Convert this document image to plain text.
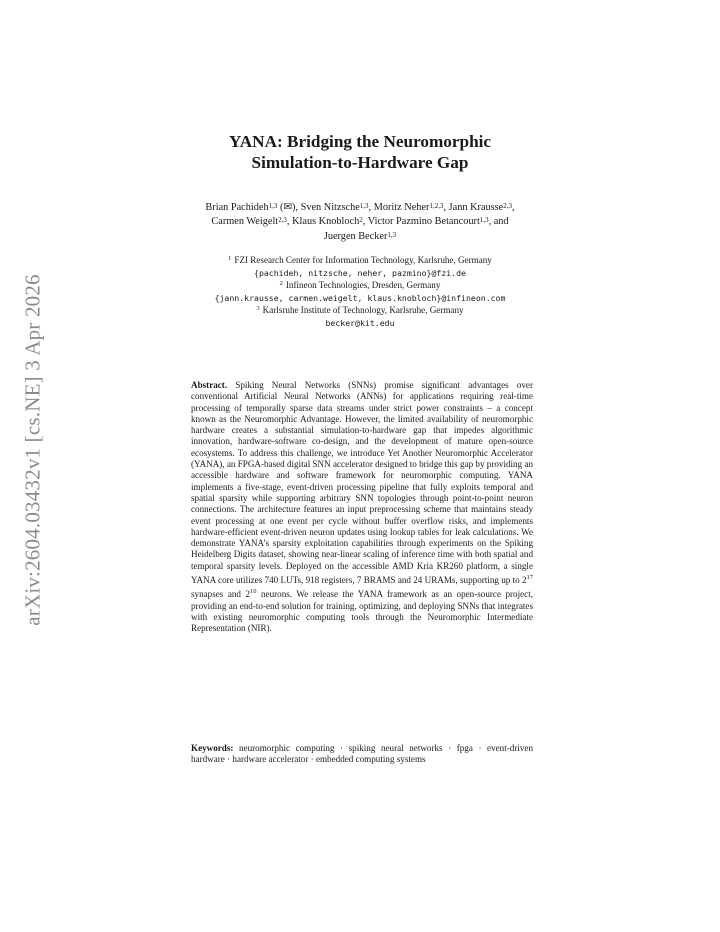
arXiv:2604.03432v1 [cs.NE] 3 Apr 2026
YANA: Bridging the Neuromorphic
Simulation-to-Hardware Gap
Brian Pachideh$^{1,3}$ (✉), Sven Nitzsche$^{1,3}$, Moritz Neher$^{1,2,3}$, Jann Krausse$^{2,3}$,
Carmen Weigelt$^{2,3}$, Klaus Knobloch$^2$, Victor Pazmino Betancourt$^{1,3}$, and
Juergen Becker$^{1,3}$
$^1$ FZI Research Center for Information Technology, Karlsruhe, Germany
{pachideh, nitzsche, neher, pazmino}@fzi.de
$^2$ Infineon Technologies, Dresden, Germany
{jann.krausse, carmen.weigelt, klaus.knobloch}@infineon.com
$^3$ Karlsruhe Institute of Technology, Karlsruhe, Germany
becker@kit.edu
Abstract. Spiking Neural Networks (SNNs) promise significant advantages over conventional Artificial Neural Networks (ANNs) for applications requiring real-time processing of temporally sparse data streams under strict power constraints – a concept known as the Neuromorphic Advantage. However, the limited availability of neuromorphic hardware creates a substantial simulation-to-hardware gap that impedes algorithmic innovation, hardware-software co-design, and the development of mature open-source ecosystems. To address this challenge, we introduce Yet Another Neuromorphic Accelerator (YANA), an FPGA-based digital SNN accelerator designed to bridge this gap by providing an accessible hardware and software framework for neuromorphic computing. YANA implements a five-stage, event-driven processing pipeline that fully exploits temporal and spatial sparsity while supporting arbitrary SNN topologies through point-to-point neuron connections. The architecture features an input preprocessing scheme that maintains steady event processing at one event per cycle without buffer overflow risks, and implements hardware-efficient event-driven neuron updates using lookup tables for leak calculations. We demonstrate YANA’s sparsity exploitation capabilities through experiments on the Spiking Heidelberg Digits dataset, showing near-linear scaling of inference time with both spatial and temporal sparsity levels. Deployed on the accessible AMD Kria KR260 platform, a single YANA core utilizes 740 LUTs, 918 registers, 7 BRAMS and 24 URAMs, supporting up to $2^{17}$ synapses and $2^{10}$ neurons. We release the YANA framework as an open-source project, providing an end-to-end solution for training, optimizing, and deploying SNNs that integrates with existing neuromorphic computing tools through the Neuromorphic Intermediate Representation (NIR).
Keywords: neuromorphic computing · spiking neural networks · fpga · event-driven hardware · hardware accelerator · embedded computing systems
